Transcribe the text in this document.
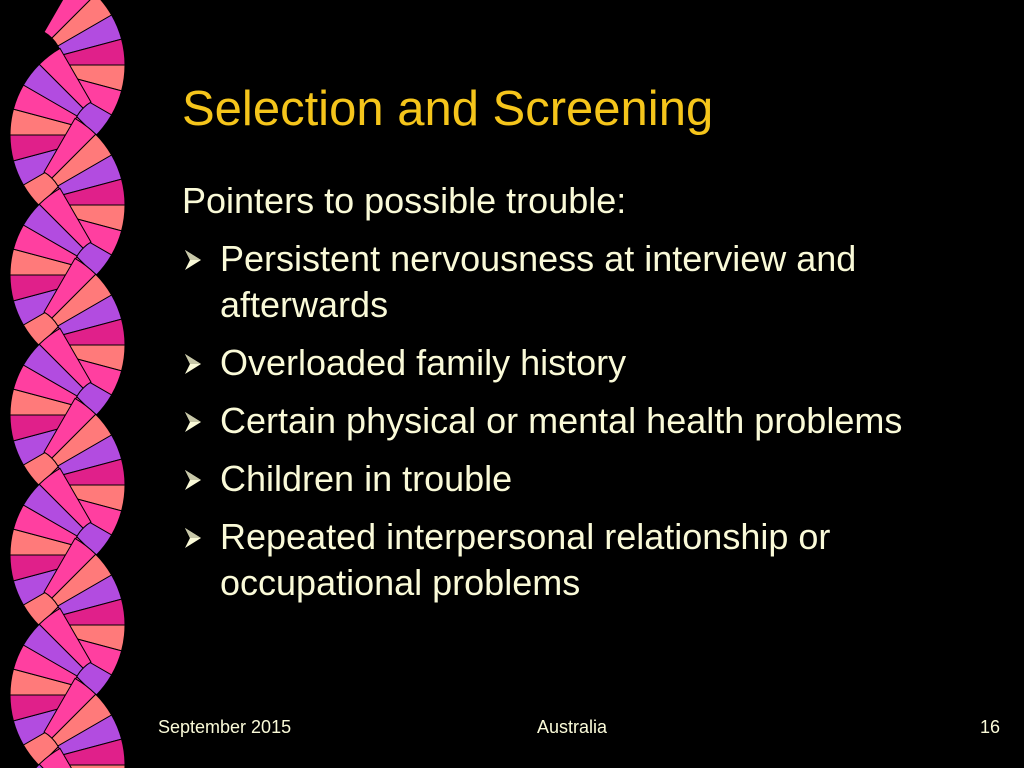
Selection and Screening
Pointers to possible trouble:
Persistent nervousness at interview and afterwards
Overloaded family history
Certain physical or mental health problems
Children in trouble
Repeated interpersonal relationship or occupational problems
September 2015	Australia	16
